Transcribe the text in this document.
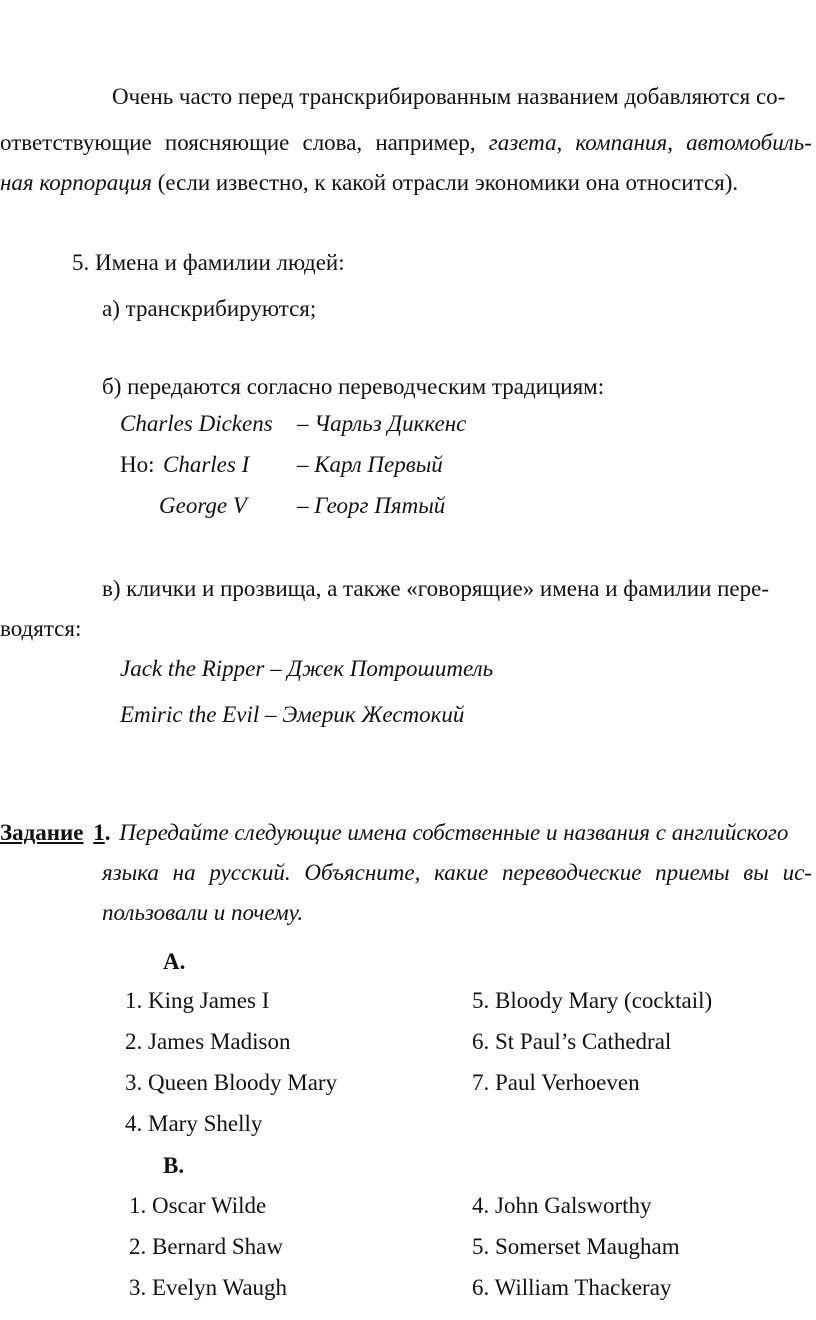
Очень часто перед транскрибированным названием добавляются со-
ответствующие поясняющие слова, например, газета, компания, автомобиль-
ная корпорация (если известно, к какой отрасли экономики она относится).
5. Имена и фамилии людей:
а) транскрибируются;
б) передаются согласно переводческим традициям:
Charles Dickens – Чарльз Диккенс
Но: Charles I – Карл Первый
George V – Георг Пятый
в) клички и прозвища, а также «говорящие» имена и фамилии пере-
водятся:
Jack the Ripper – Джек Потрошитель
Emiric the Evil – Эмерик Жестокий
Задание 1. Передайте следующие имена собственные и названия с английского
языка на русский. Объясните, какие переводческие приемы вы ис-
пользовали и почему.
A.
1. King James I
2. James Madison
3. Queen Bloody Mary
4. Mary Shelly
5. Bloody Mary (cocktail)
6. St Paul’s Cathedral
7. Paul Verhoeven
B.
1. Oscar Wilde
2. Bernard Shaw
3. Evelyn Waugh
4. John Galsworthy
5. Somerset Maugham
6. William Thackeray
